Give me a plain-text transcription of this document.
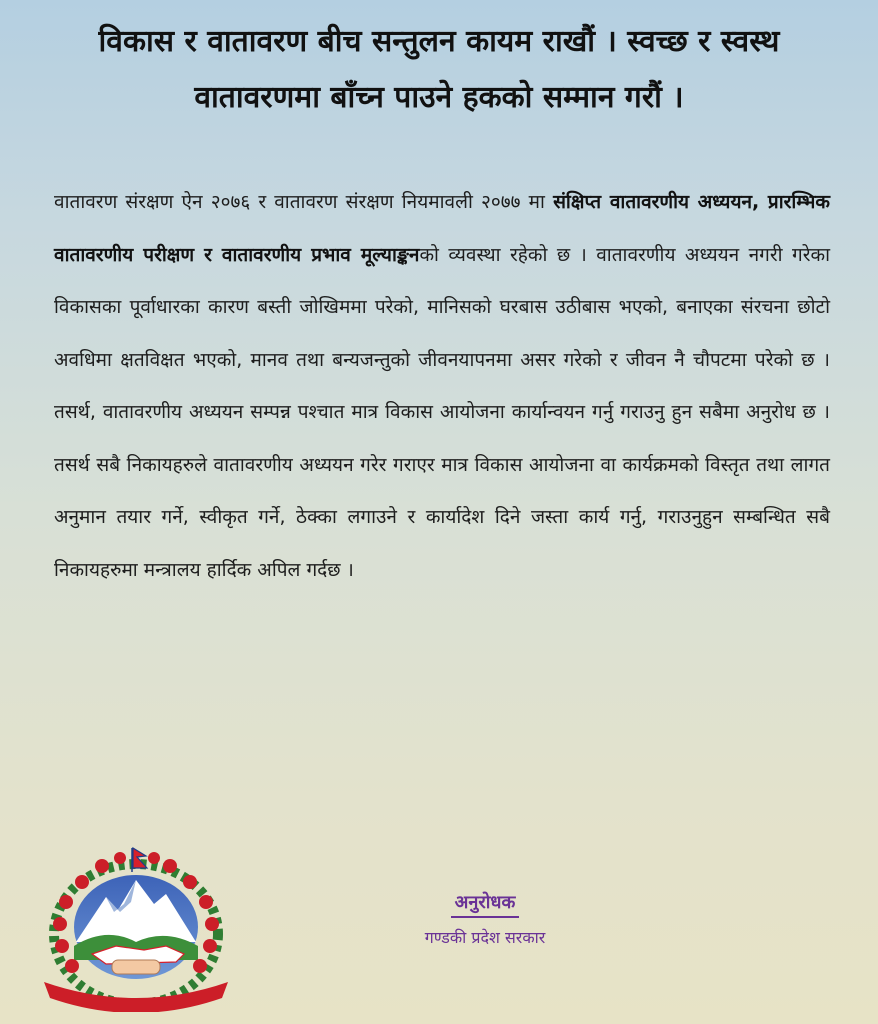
विकास र वातावरण बीच सन्तुलन कायम राखौं । स्वच्छ र स्वस्थ
वातावरणमा बाँच्न पाउने हकको सम्मान गरौं ।

वातावरण संरक्षण ऐन २०७६ र वातावरण संरक्षण नियमावली २०७७ मा संक्षिप्त वातावरणीय अध्ययन, प्रारम्भिक वातावरणीय परीक्षण र वातावरणीय प्रभाव मूल्याङ्कनको व्यवस्था रहेको छ । वातावरणीय अध्ययन नगरी गरेका विकासका पूर्वाधारका कारण बस्ती जोखिममा परेको, मानिसको घरबास उठीबास भएको, बनाएका संरचना छोटो अवधिमा क्षतविक्षत भएको, मानव तथा बन्यजन्तुको जीवनयापनमा असर गरेको र जीवन नै चौपटमा परेको छ । तसर्थ, वातावरणीय अध्ययन सम्पन्न पश्चात मात्र विकास आयोजना कार्यान्वयन गर्नु गराउनु हुन सबैमा अनुरोध छ । तसर्थ सबै निकायहरुले वातावरणीय अध्ययन गरेर गराएर मात्र विकास आयोजना वा कार्यक्रमको विस्तृत तथा लागत अनुमान तयार गर्ने, स्वीकृत गर्ने, ठेक्का लगाउने र कार्यादेश दिने जस्ता कार्य गर्नु, गराउनुहुन सम्बन्धित सबै निकायहरुमा मन्त्रालय हार्दिक अपिल गर्दछ ।

अनुरोधक
गण्डकी प्रदेश सरकार
